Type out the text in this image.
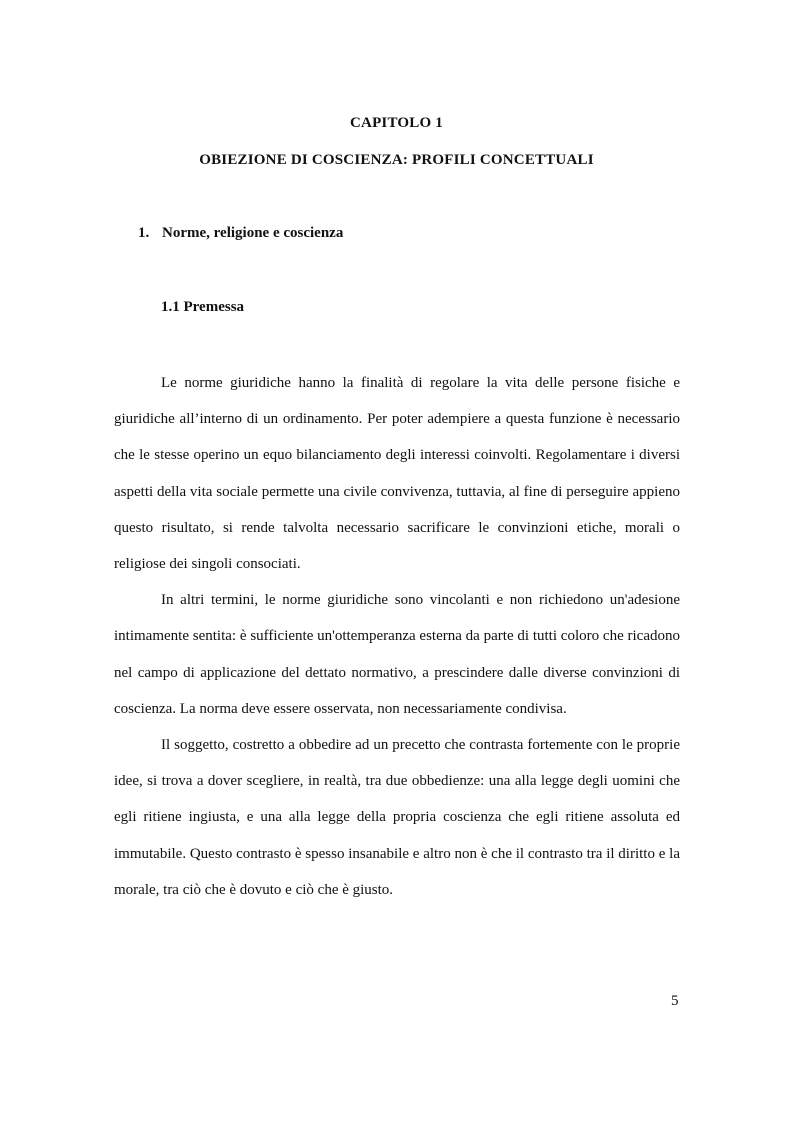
CAPITOLO 1
OBIEZIONE DI COSCIENZA: PROFILI CONCETTUALI
1. Norme, religione e coscienza
1.1 Premessa

Le norme giuridiche hanno la finalità di regolare la vita delle persone fisiche e giuridiche all’interno di un ordinamento. Per poter adempiere a questa funzione è necessario che le stesse operino un equo bilanciamento degli interessi coinvolti. Regolamentare i diversi aspetti della vita sociale permette una civile convivenza, tuttavia, al fine di perseguire appieno questo risultato, si rende talvolta necessario sacrificare le convinzioni etiche, morali o religiose dei singoli consociati.

In altri termini, le norme giuridiche sono vincolanti e non richiedono un'adesione intimamente sentita: è sufficiente un'ottemperanza esterna da parte di tutti coloro che ricadono nel campo di applicazione del dettato normativo, a prescindere dalle diverse convinzioni di coscienza. La norma deve essere osservata, non necessariamente condivisa.

Il soggetto, costretto a obbedire ad un precetto che contrasta fortemente con le proprie idee, si trova a dover scegliere, in realtà, tra due obbedienze: una alla legge degli uomini che egli ritiene ingiusta, e una alla legge della propria coscienza che egli ritiene assoluta ed immutabile. Questo contrasto è spesso insanabile e altro non è che il contrasto tra il diritto e la morale, tra ciò che è dovuto e ciò che è giusto.

5
